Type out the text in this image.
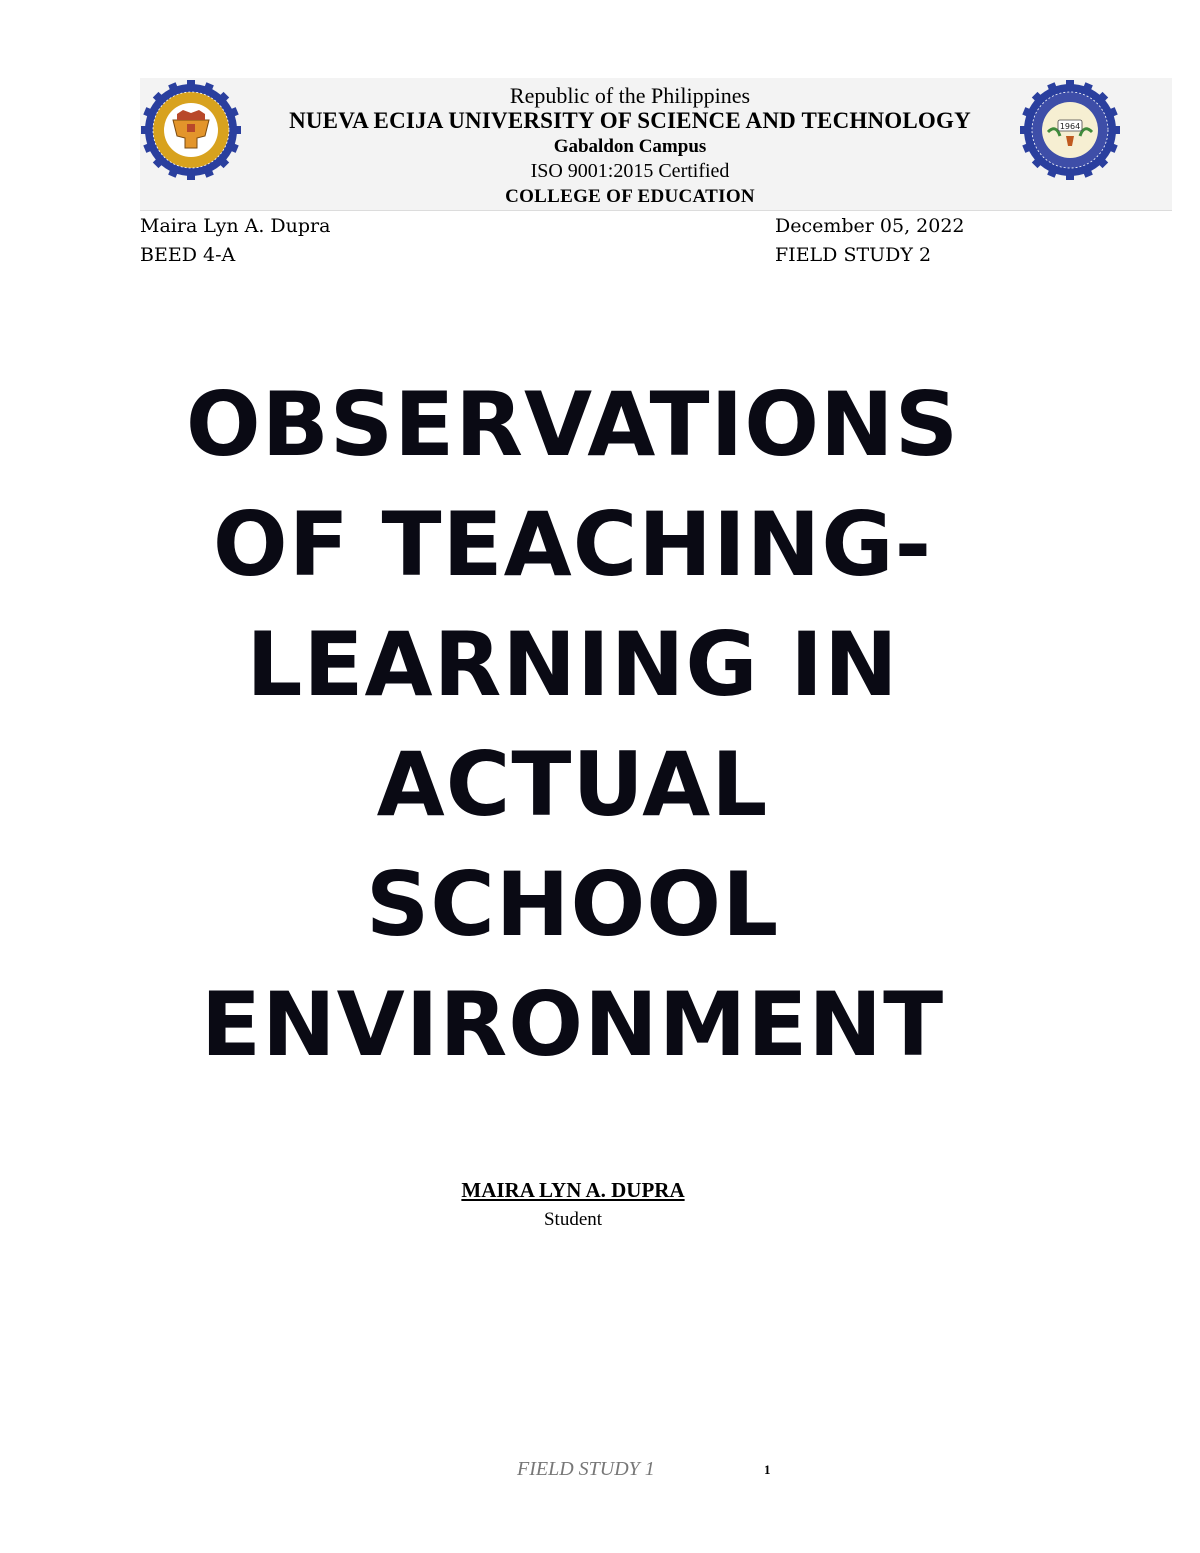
1964
Republic of the Philippines
NUEVA ECIJA UNIVERSITY OF SCIENCE AND TECHNOLOGY
Gabaldon Campus
ISO 9001:2015 Certified
COLLEGE OF EDUCATION
Maira Lyn A. Dupra
BEED 4-A
December 05, 2022
FIELD STUDY 2
OBSERVATIONS
OF TEACHING-
LEARNING IN
ACTUAL
SCHOOL
ENVIRONMENT
MAIRA LYN A. DUPRA
Student
FIELD STUDY 1	1
